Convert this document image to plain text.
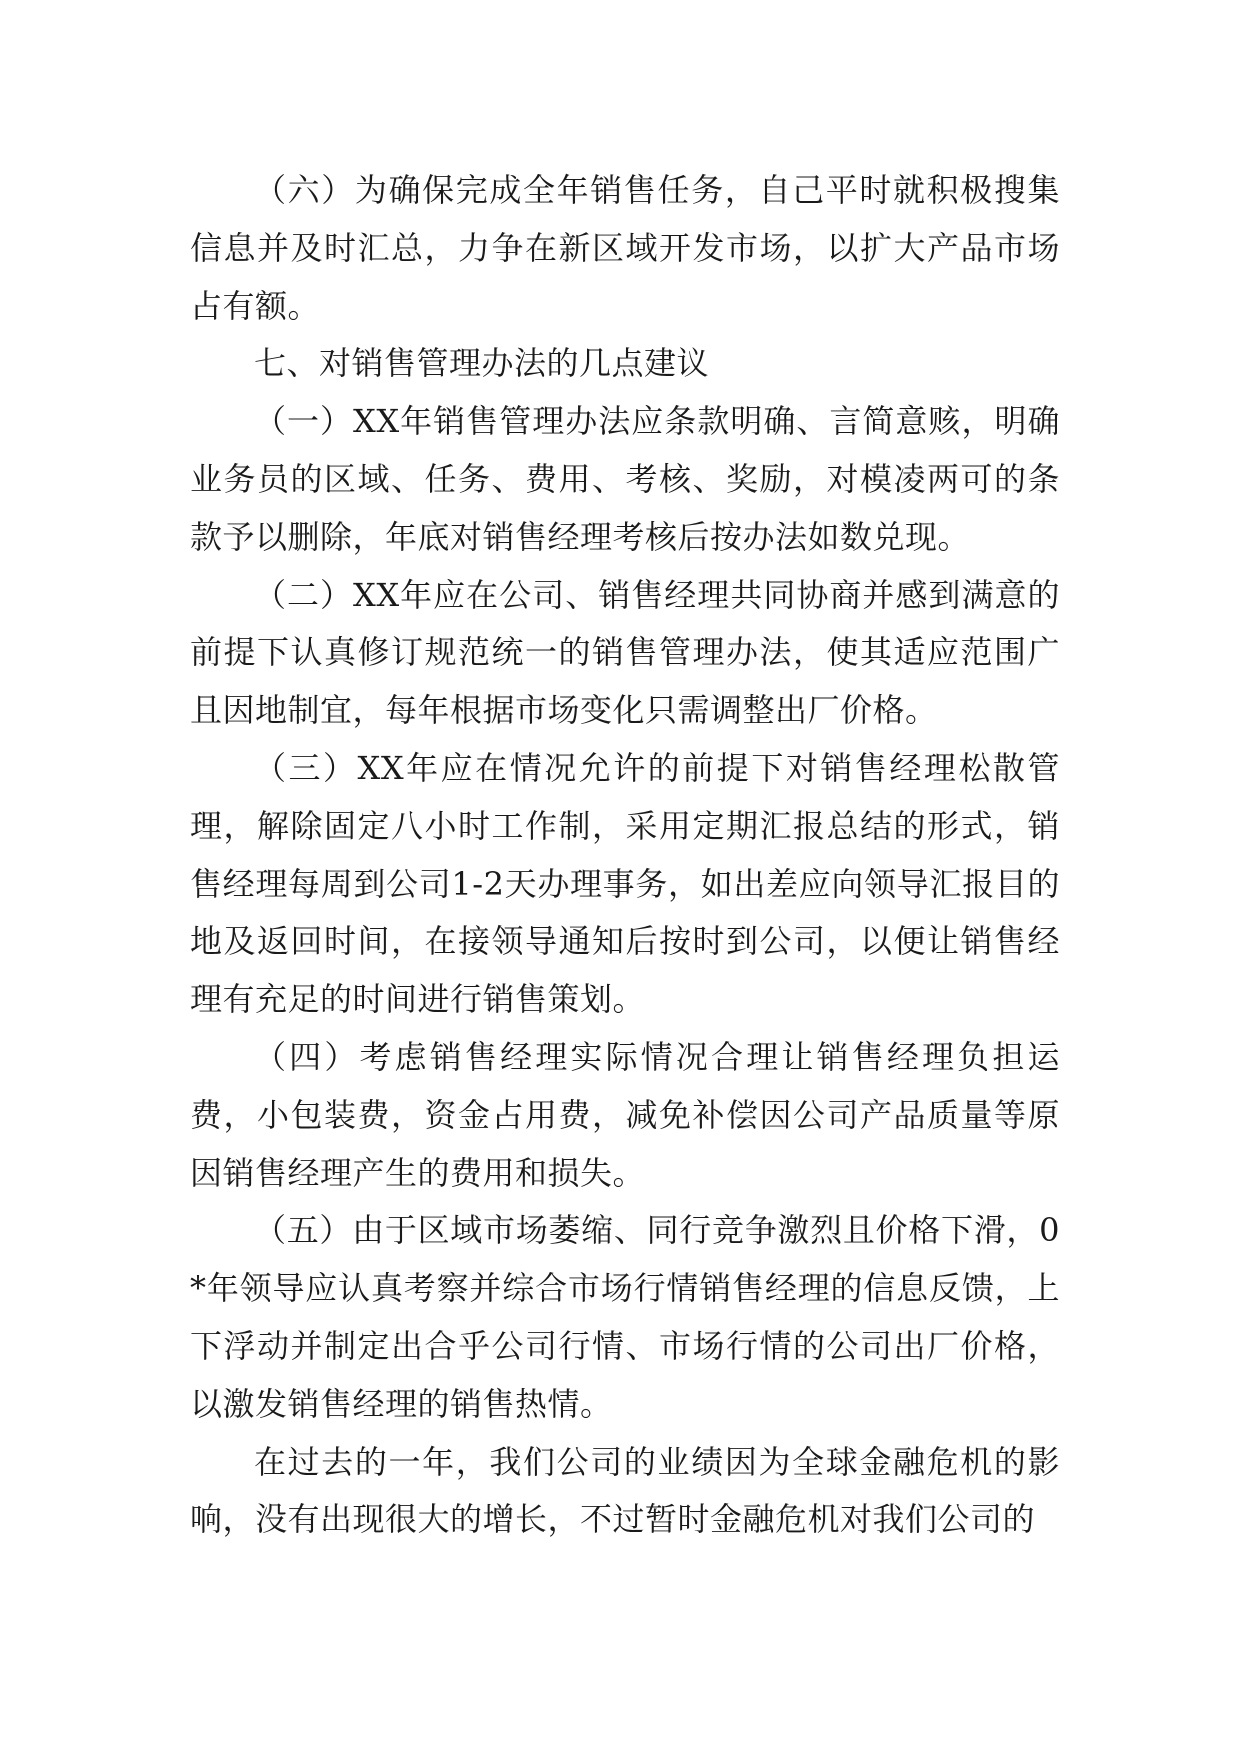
（六）为确保完成全年销售任务，自己平时就积极搜集信息并及时汇总，力争在新区域开发市场，以扩大产品市场占有额。

七、对销售管理办法的几点建议

（一）XX年销售管理办法应条款明确、言简意赅，明确业务员的区域、任务、费用、考核、奖励，对模凌两可的条款予以删除，年底对销售经理考核后按办法如数兑现。

（二）XX年应在公司、销售经理共同协商并感到满意的前提下认真修订规范统一的销售管理办法，使其适应范围广且因地制宜，每年根据市场变化只需调整出厂价格。

（三）XX年应在情况允许的前提下对销售经理松散管理，解除固定八小时工作制，采用定期汇报总结的形式，销售经理每周到公司1-2天办理事务，如出差应向领导汇报目的地及返回时间，在接领导通知后按时到公司，以便让销售经理有充足的时间进行销售策划。

（四）考虑销售经理实际情况合理让销售经理负担运费，小包装费，资金占用费，减免补偿因公司产品质量等原因销售经理产生的费用和损失。

（五）由于区域市场萎缩、同行竞争激烈且价格下滑，0*年领导应认真考察并综合市场行情销售经理的信息反馈，上下浮动并制定出合乎公司行情、市场行情的公司出厂价格，以激发销售经理的销售热情。

在过去的一年，我们公司的业绩因为全球金融危机的影响，没有出现很大的增长，不过暂时金融危机对我们公司的
